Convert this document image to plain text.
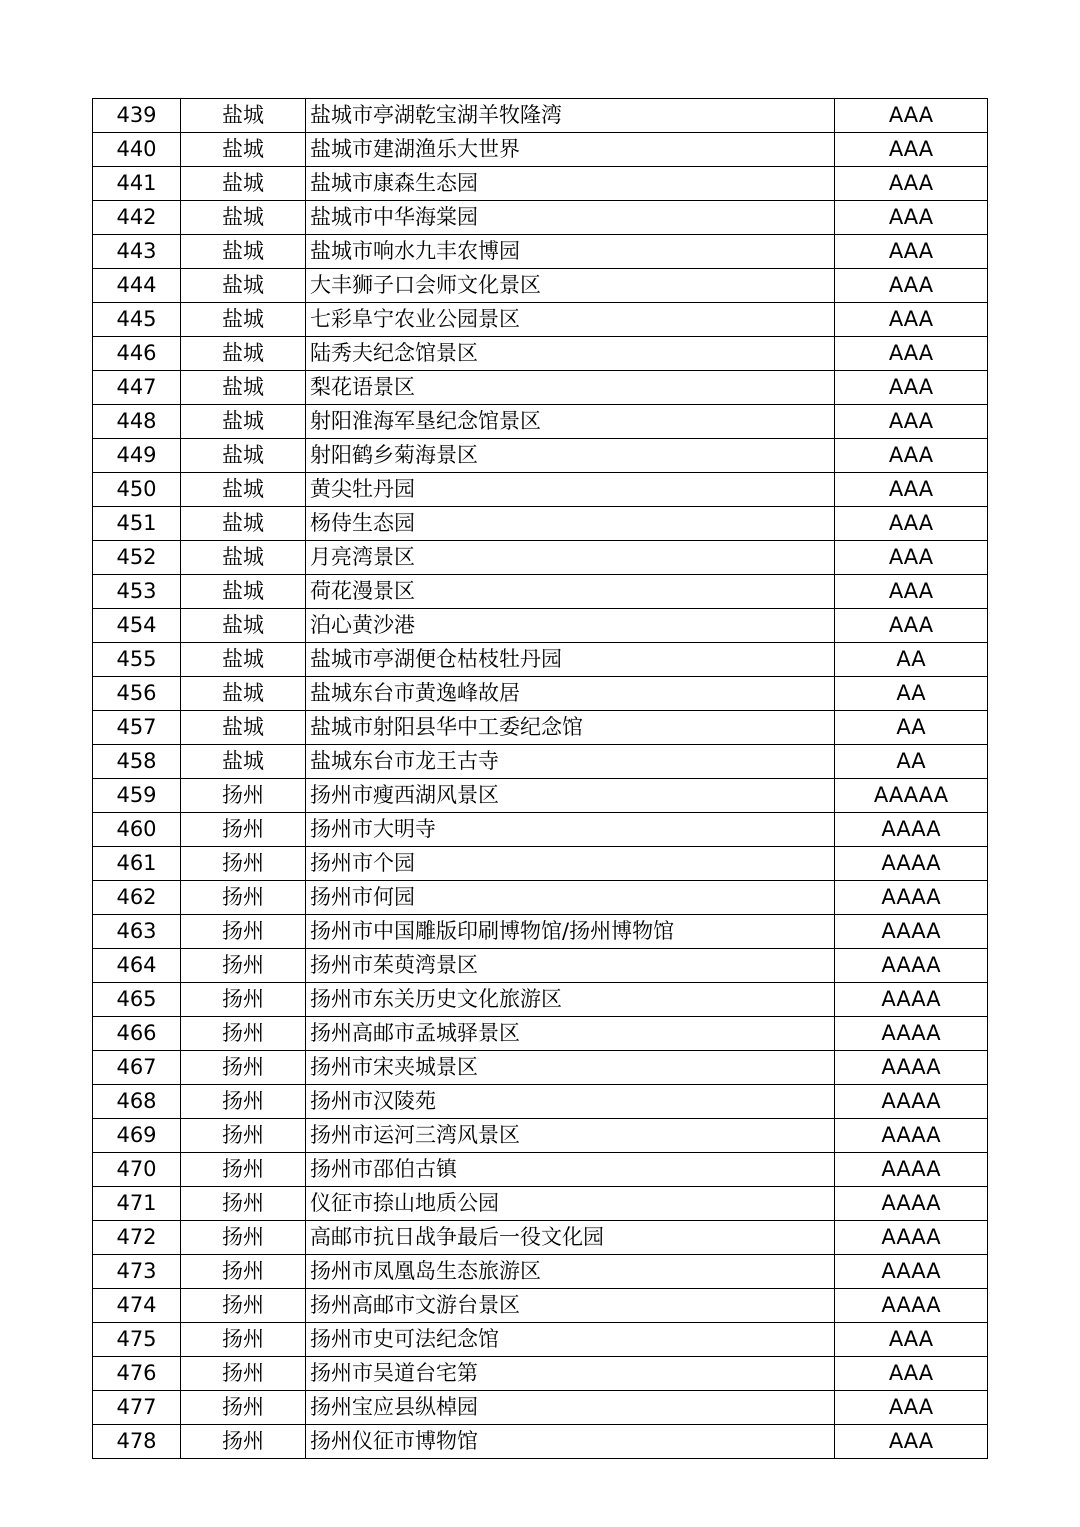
439	盐城	盐城市亭湖乾宝湖羊牧隆湾	AAA
440	盐城	盐城市建湖渔乐大世界	AAA
441	盐城	盐城市康森生态园	AAA
442	盐城	盐城市中华海棠园	AAA
443	盐城	盐城市响水九丰农博园	AAA
444	盐城	大丰狮子口会师文化景区	AAA
445	盐城	七彩阜宁农业公园景区	AAA
446	盐城	陆秀夫纪念馆景区	AAA
447	盐城	梨花语景区	AAA
448	盐城	射阳淮海军垦纪念馆景区	AAA
449	盐城	射阳鹤乡菊海景区	AAA
450	盐城	黄尖牡丹园	AAA
451	盐城	杨侍生态园	AAA
452	盐城	月亮湾景区	AAA
453	盐城	荷花漫景区	AAA
454	盐城	泊心黄沙港	AAA
455	盐城	盐城市亭湖便仓枯枝牡丹园	AA
456	盐城	盐城东台市黄逸峰故居	AA
457	盐城	盐城市射阳县华中工委纪念馆	AA
458	盐城	盐城东台市龙王古寺	AA
459	扬州	扬州市瘦西湖风景区	AAAAA
460	扬州	扬州市大明寺	AAAA
461	扬州	扬州市个园	AAAA
462	扬州	扬州市何园	AAAA
463	扬州	扬州市中国雕版印刷博物馆/扬州博物馆	AAAA
464	扬州	扬州市茱萸湾景区	AAAA
465	扬州	扬州市东关历史文化旅游区	AAAA
466	扬州	扬州高邮市孟城驿景区	AAAA
467	扬州	扬州市宋夹城景区	AAAA
468	扬州	扬州市汉陵苑	AAAA
469	扬州	扬州市运河三湾风景区	AAAA
470	扬州	扬州市邵伯古镇	AAAA
471	扬州	仪征市捺山地质公园	AAAA
472	扬州	高邮市抗日战争最后一役文化园	AAAA
473	扬州	扬州市凤凰岛生态旅游区	AAAA
474	扬州	扬州高邮市文游台景区	AAAA
475	扬州	扬州市史可法纪念馆	AAA
476	扬州	扬州市吴道台宅第	AAA
477	扬州	扬州宝应县纵棹园	AAA
478	扬州	扬州仪征市博物馆	AAA
